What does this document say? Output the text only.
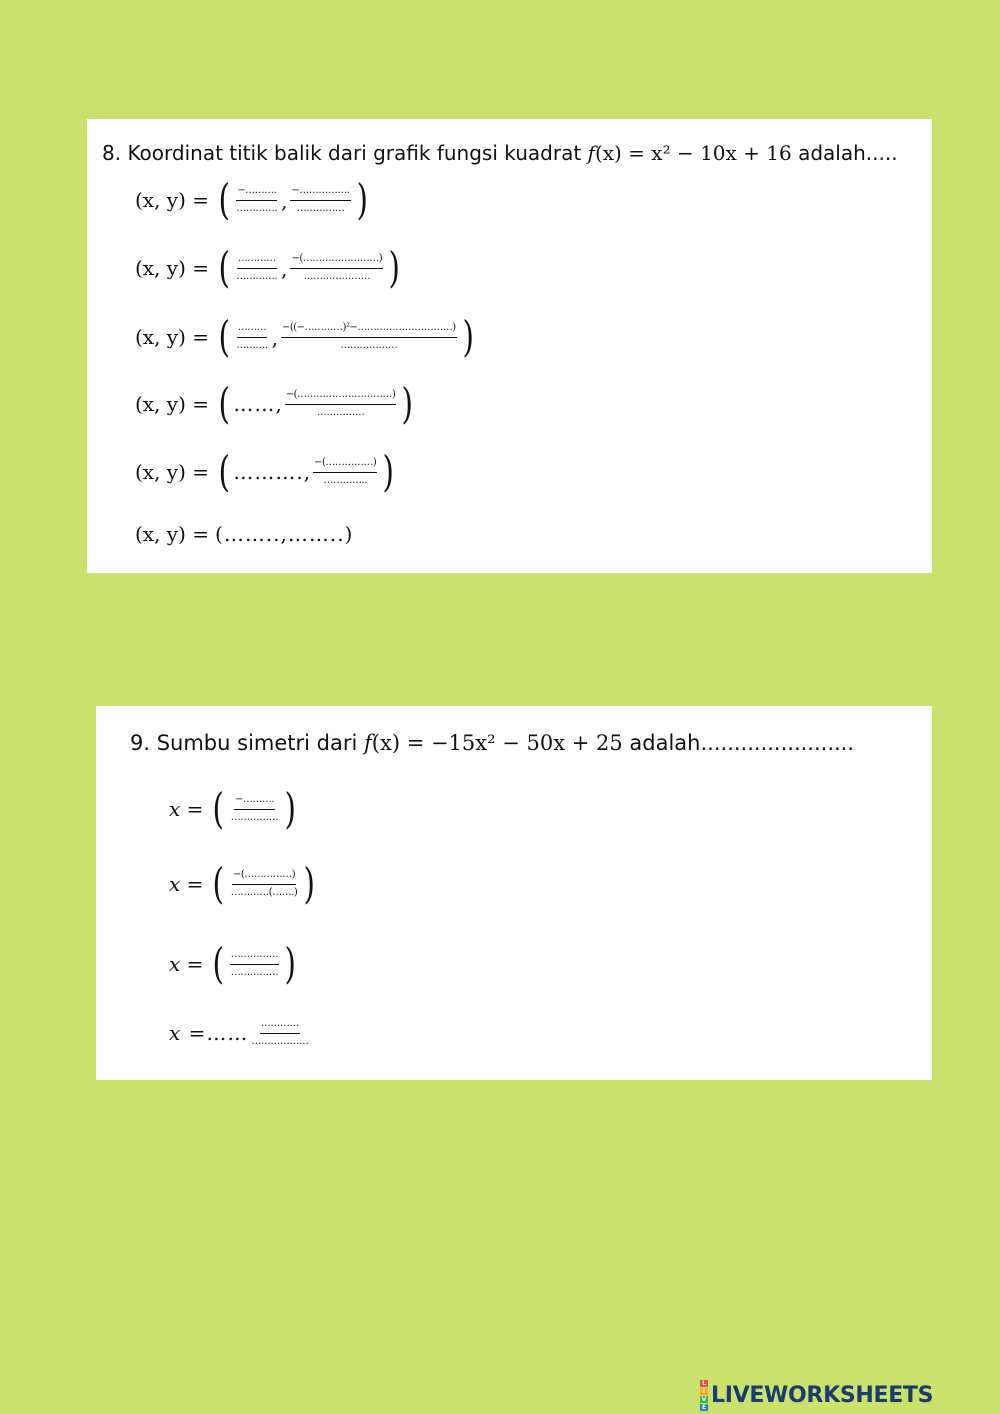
8. Koordinat titik balik dari grafik fungsi kuadrat f(x) = x² − 10x + 16 adalah.....
(x, y) = ( $\frac{-\dots\dots\dots.}{\dots\dots\dots\dots.}$ , $\frac{-\dots\dots\dots\dots\dots.}{\dots\dots\dots\dots\dots}$ )
(x, y) = ( $\frac{\dots\dots\dots\dots}{\dots\dots\dots\dots.}$ , $\frac{-(\dots\dots\dots\dots\dots\dots\dots\dots)}{\dots\dots\dots\dots\dots\dots\dots}$ )
(x, y) = ( $\frac{\dots\dots\dots}{\dots\dots\dots.}$ , $\frac{\text{−((−…………)²−…………………………)}}{\dots\dots\dots\dots\dots\dots}$ )
(x, y) = ( ……, $\frac{-(\dots\dots\dots\dots\dots\dots\dots\dots\dots\dots)}{\dots\dots\dots\dots\dots}$ )
(x, y) = ( ………., $\frac{-(\dots\dots\dots\dots\dots)}{\dots\dots\dots\dots..}$ )
(x, y) = (……..,……..)
9. Sumbu simetri dari f(x) = −15x² − 50x + 25 adalah.......................
x = ( $\frac{-\dots\dots\dots.}{\dots\dots\dots\dots\dots}$ )
x = ( $\frac{-(\dots\dots\dots\dots\dots)}{\dots\dots\dots\dots(\dots\dots.)}$ )
x = ( $\frac{\dots\dots\dots\dots\dots}{\dots\dots\dots\dots\dots}$ )
x =…… $\frac{\dots\dots\dots\dots}{\dots\dots\dots\dots\dots\dots}$
L
I
V
E LIVEWORKSHEETS
